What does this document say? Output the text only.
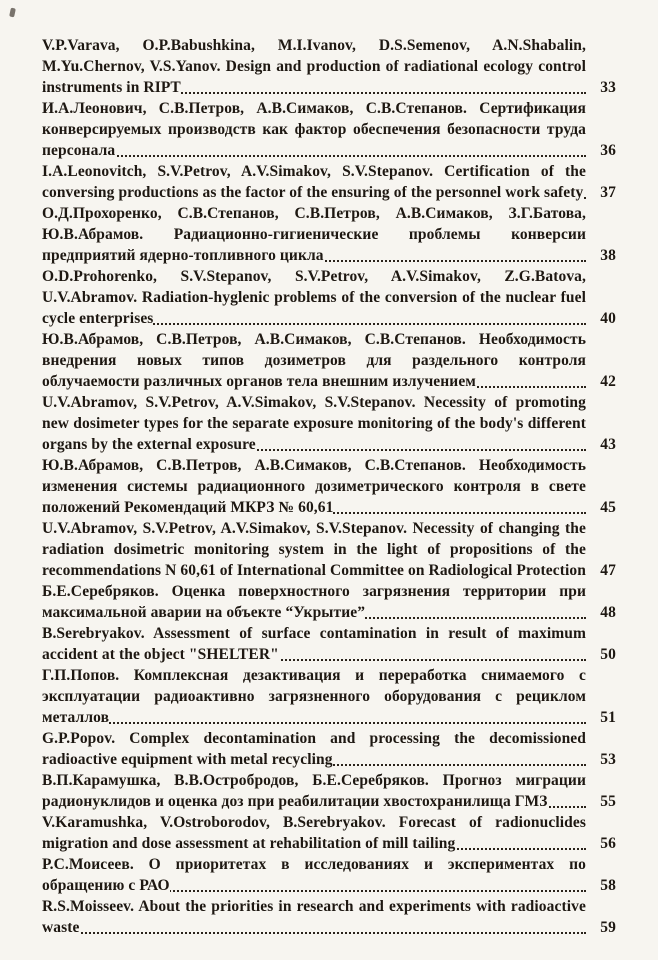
V.P.Varava, O.P.Babushkina, M.I.Ivanov, D.S.Semenov, A.N.Shabalin, M.Yu.Chernov, V.S.Yanov. Design and production of radiational ecology control instruments in RIPT	33

И.А.Леонович, С.В.Петров, А.В.Симаков, С.В.Степанов. Сертификация конверсируемых производств как фактор обеспечения безопасности труда персонала	36

I.A.Leonovitch, S.V.Petrov, A.V.Simakov, S.V.Stepanov. Certification of the conversing productions as the factor of the ensuring of the personnel work safety	37

О.Д.Прохоренко, С.В.Степанов, С.В.Петров, А.В.Симаков, З.Г.Батова, Ю.В.Абрамов. Радиационно-гигиенические проблемы конверсии предприятий ядерно-топливного цикла	38

O.D.Prohorenko, S.V.Stepanov, S.V.Petrov, A.V.Simakov, Z.G.Batova, U.V.Abramov. Radiation-hyglenic problems of the conversion of the nuclear fuel cycle enterprises	40

Ю.В.Абрамов, С.В.Петров, А.В.Симаков, С.В.Степанов. Необходимость внедрения новых типов дозиметров для раздельного контроля облучаемости различных органов тела внешним излучением	42

U.V.Abramov, S.V.Petrov, A.V.Simakov, S.V.Stepanov. Necessity of promoting new dosimeter types for the separate exposure monitoring of the body's different organs by the external exposure	43

Ю.В.Абрамов, С.В.Петров, А.В.Симаков, С.В.Степанов. Необходимость изменения системы радиационного дозиметрического контроля в свете положений Рекомендаций МКРЗ № 60,61	45

U.V.Abramov, S.V.Petrov, A.V.Simakov, S.V.Stepanov. Necessity of changing the radiation dosimetric monitoring system in the light of propositions of the recommendations N 60,61 of International Committee on Radiological Protection 47

Б.Е.Серебряков. Оценка поверхностного загрязнения территории при максимальной аварии на объекте “Укрытие”	48

B.Serebryakov. Assessment of surface contamination in result of maximum accident at the object "SHELTER"	50

Г.П.Попов. Комплексная дезактивация и переработка снимаемого с эксплуатации радиоактивно загрязненного оборудования с рециклом металлов	51

G.P.Popov. Complex decontamination and processing the decomissioned radioactive equipment with metal recycling	53

В.П.Карамушка, В.В.Остробродов, Б.Е.Серебряков. Прогноз миграции радионуклидов и оценка доз при реабилитации хвостохранилища ГМЗ	55

V.Karamushka, V.Ostroborodov, B.Serebryakov. Forecast of radionuclides migration and dose assessment at rehabilitation of mill tailing	56

Р.С.Моисеев. О приоритетах в исследованиях и экспериментах по обращению с РАО	58

R.S.Moisseev. About the priorities in research and experiments with radioactive waste	59
